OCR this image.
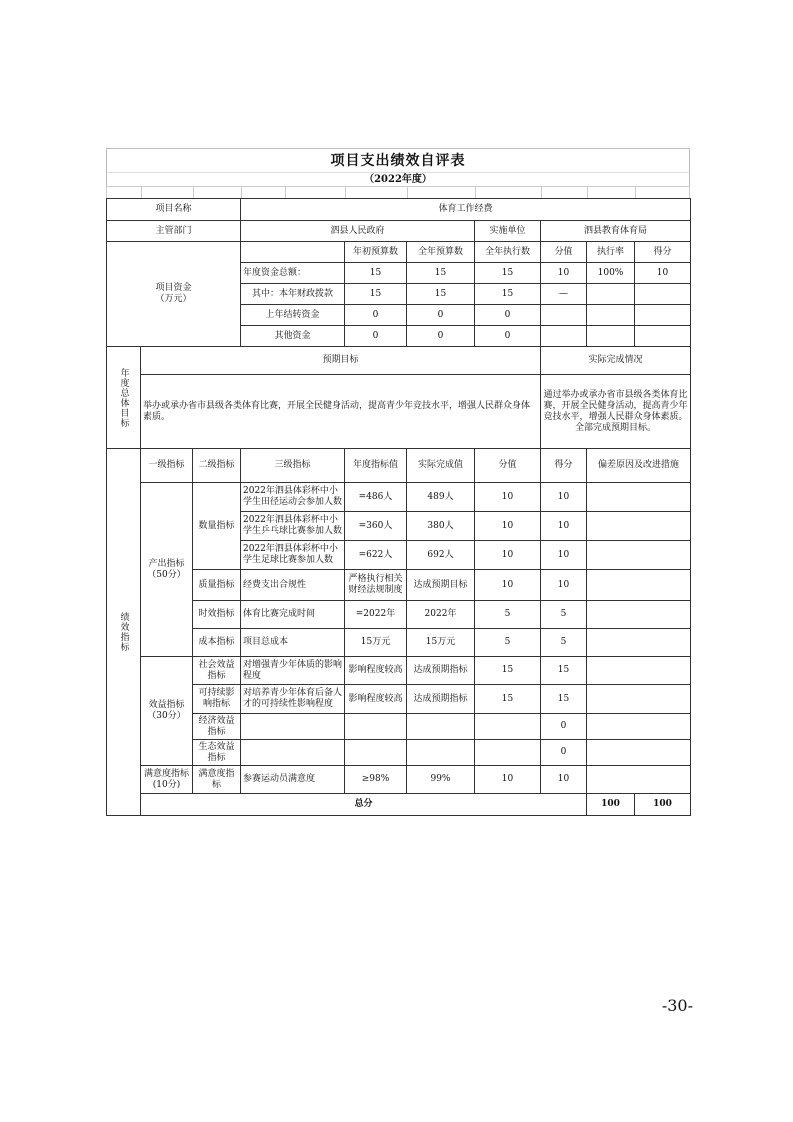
项目支出绩效自评表
（2022年度）
项目名称			体育工作经费							
主管部门			泗县人民政府			实施单位	泗县教育体育局			
项目资金
（万元）				年初预算数	全年预算数	全年执行数	分值	执行率	得分	
			年度资金总额：	15	15	15	10	100%	10	
			其中：本年财政拨款	15	15	15	—			
			上年结转资金	0	0	0				
			其他资金	0	0	0				

年度总体目标	预期目标						实际完成情况			
	举办或承办省市县级各类体育比赛，开展全民健身活动，提高青少年竞技水平，增强人民群众身体素质。						通过举办或承办省市县级各类体育比赛，开展全民健身活动，提高青少年竞技水平，增强人民群众身体素质。全部完成预期目标。			

绩效指标	一级指标	二级指标	三级指标	年度指标值	实际完成值	分值	得分	偏差原因及改进措施		
	产出指标
（50分）	数量指标	2022年泗县体彩杯中小学生田径运动会参加人数	=486人	489人	10	10			
			2022年泗县体彩杯中小学生乒乓球比赛参加人数	=360人	380人	10	10			
			2022年泗县体彩杯中小学生足球比赛参加人数	=622人	692人	10	10			
		质量指标	经费支出合规性	严格执行相关财经法规制度	达成预期目标	10	10			
		时效指标	体育比赛完成时间	=2022年	2022年	5	5			
		成本指标	项目总成本	15万元	15万元	5	5			
	效益指标
（30分）	社会效益指标	对增强青少年体质的影响程度	影响程度较高	达成预期指标	15	15			
		可持续影响指标	对培养青少年体育后备人才的可持续性影响程度	影响程度较高	达成预期指标	15	15			
		经济效益指标					0			
		生态效益指标					0			
	满意度指标(10分)	满意度指标	参赛运动员满意度	≥98%	99%	10	10			
	总分							100	100	
-30-
